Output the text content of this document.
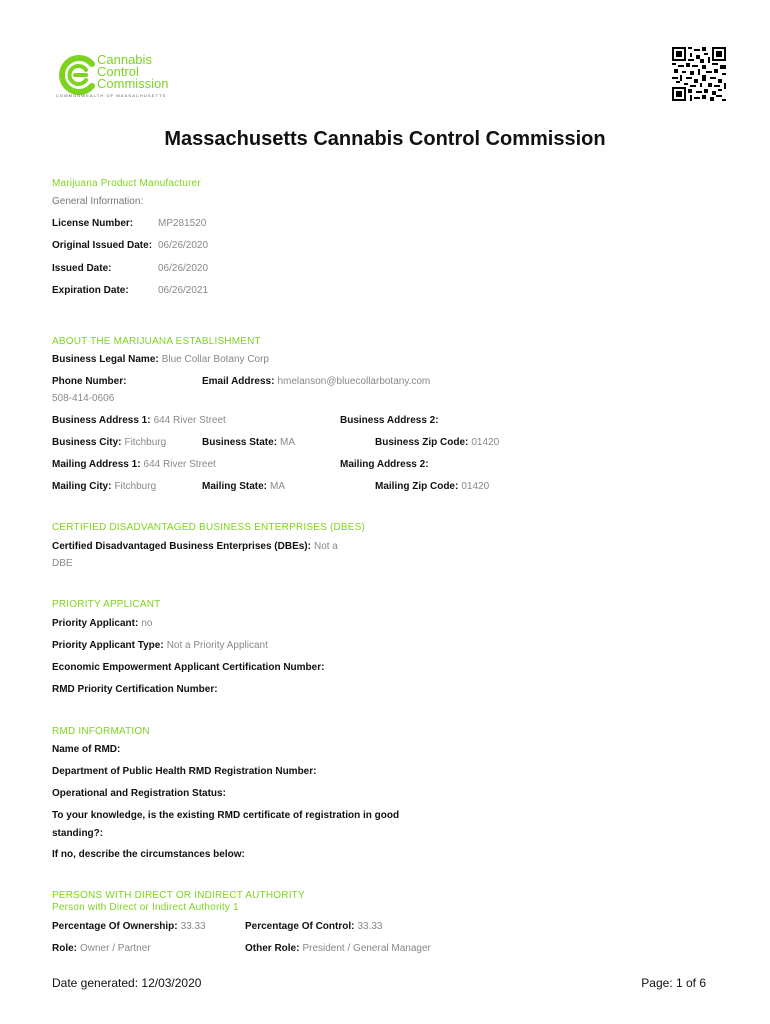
Cannabis
Control
Commission
COMMONWEALTH OF MASSACHUSETTS
Massachusetts Cannabis Control Commission
Marijuana Product Manufacturer
General Information:
License Number: MP281520
Original Issued Date: 06/26/2020
Issued Date:	06/26/2020
Expiration Date:	06/26/2021
ABOUT THE MARIJUANA ESTABLISHMENT
Business Legal Name: Blue Collar Botany Corp
Phone Number:	Email Address: hmelanson@bluecollarbotany.com
508-414-0606
Business Address 1: 644 River Street	Business Address 2:
Business City: Fitchburg	Business State: MA	Business Zip Code: 01420
Mailing Address 1: 644 River Street	Mailing Address 2:
Mailing City: Fitchburg	Mailing State: MA	Mailing Zip Code: 01420
CERTIFIED DISADVANTAGED BUSINESS ENTERPRISES (DBES)
Certified Disadvantaged Business Enterprises (DBEs): Not a
DBE
PRIORITY APPLICANT
Priority Applicant: no
Priority Applicant Type: Not a Priority Applicant
Economic Empowerment Applicant Certification Number:
RMD Priority Certification Number:
RMD INFORMATION
Name of RMD:
Department of Public Health RMD Registration Number:
Operational and Registration Status:
To your knowledge, is the existing RMD certificate of registration in good
standing?:
If no, describe the circumstances below:
PERSONS WITH DIRECT OR INDIRECT AUTHORITY
Person with Direct or Indirect Authority 1
Percentage Of Ownership: 33.33	Percentage Of Control: 33.33
Role: Owner / Partner	Other Role: President / General Manager
Date generated: 12/03/2020	Page: 1 of 6
